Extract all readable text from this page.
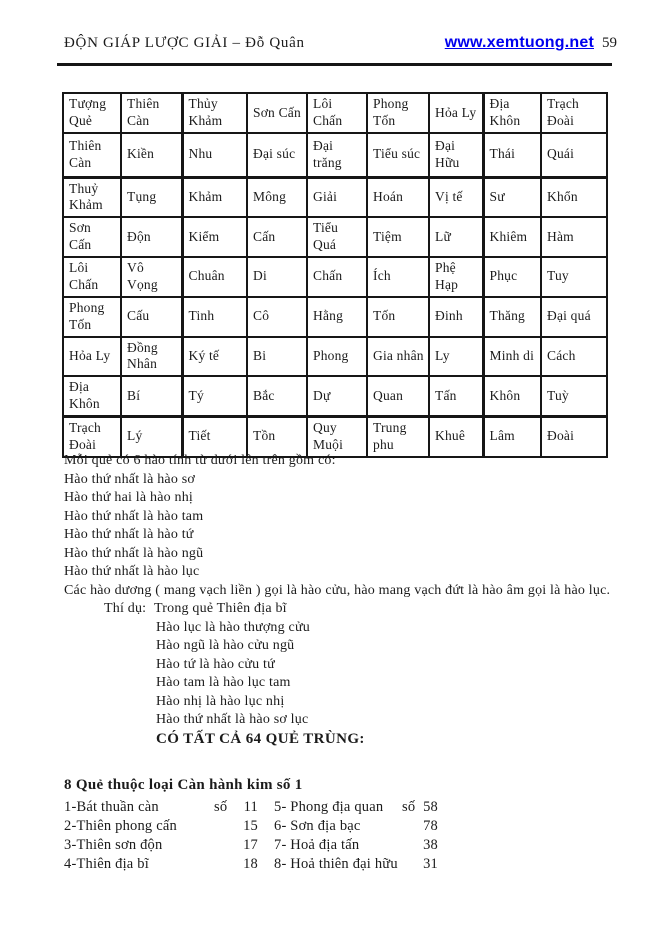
ĐỘN GIÁP LƯỢC GIẢI – Đỗ Quân	www.xemtuong.net 59
Tượng Quẻ	Thiên Càn	Thủy Khảm	Sơn Cấn	Lôi Chấn	Phong Tốn	Hỏa Ly	Địa Khôn	Trạch Đoài
Thiên Càn	Kiền	Nhu	Đại súc	Đại trăng	Tiểu súc	Đại Hữu	Thái	Quái
Thuỷ Khảm	Tụng	Khảm	Mông	Giải	Hoán	Vị tế	Sư	Khổn
Sơn Cấn	Độn	Kiểm	Cấn	Tiểu Quá	Tiệm	Lữ	Khiêm	Hàm
Lôi Chấn	Vô Vọng	Chuân	Di	Chấn	Ích	Phệ Hạp	Phục	Tuy
Phong Tốn	Cấu	Tinh	Cô	Hằng	Tốn	Đinh	Thăng	Đại quá
Hỏa Ly	Đồng Nhân	Ký tế	Bi	Phong	Gia nhân	Ly	Minh di	Cách
Địa Khôn	Bí	Tý	Bắc	Dự	Quan	Tấn	Khôn	Tuỳ
Trạch Đoài	Lý	Tiết	Tồn	Quy Muội	Trung phu	Khuê	Lâm	Đoài
Mỗi quẻ có 6 hào tính từ dưới lên trên gồm có:
Hào thứ nhất là hào sơ
Hào thứ hai là hào nhị
Hào thứ nhất là hào tam
Hào thứ nhất là hào tứ
Hào thứ nhất là hào ngũ
Hào thứ nhất là hào lục
Các hào dương ( mang vạch liền ) gọi là hào cửu, hào mang vạch đứt là hào âm gọi là hào lục.
Thí dụ: Trong quẻ Thiên địa bĩ
Hào lục là hào thượng cửu
Hào ngũ là hào cửu ngũ
Hào tứ là hào cửu tứ
Hào tam là hào lục tam
Hào nhị là hào lục nhị
Hào thứ nhất là hào sơ lục
CÓ TẤT CẢ 64 QUẺ TRÙNG:
8 Quẻ thuộc loại Càn hành kim số 1
1-Bát thuần càn	số	11 5- Phong địa quan	số 58
2-Thiên phong cấn	15 6- Sơn địa bạc	78
3-Thiên sơn độn	17 7- Hoả địa tấn	38
4-Thiên địa bĩ	18 8- Hoả thiên đại hữu 31
